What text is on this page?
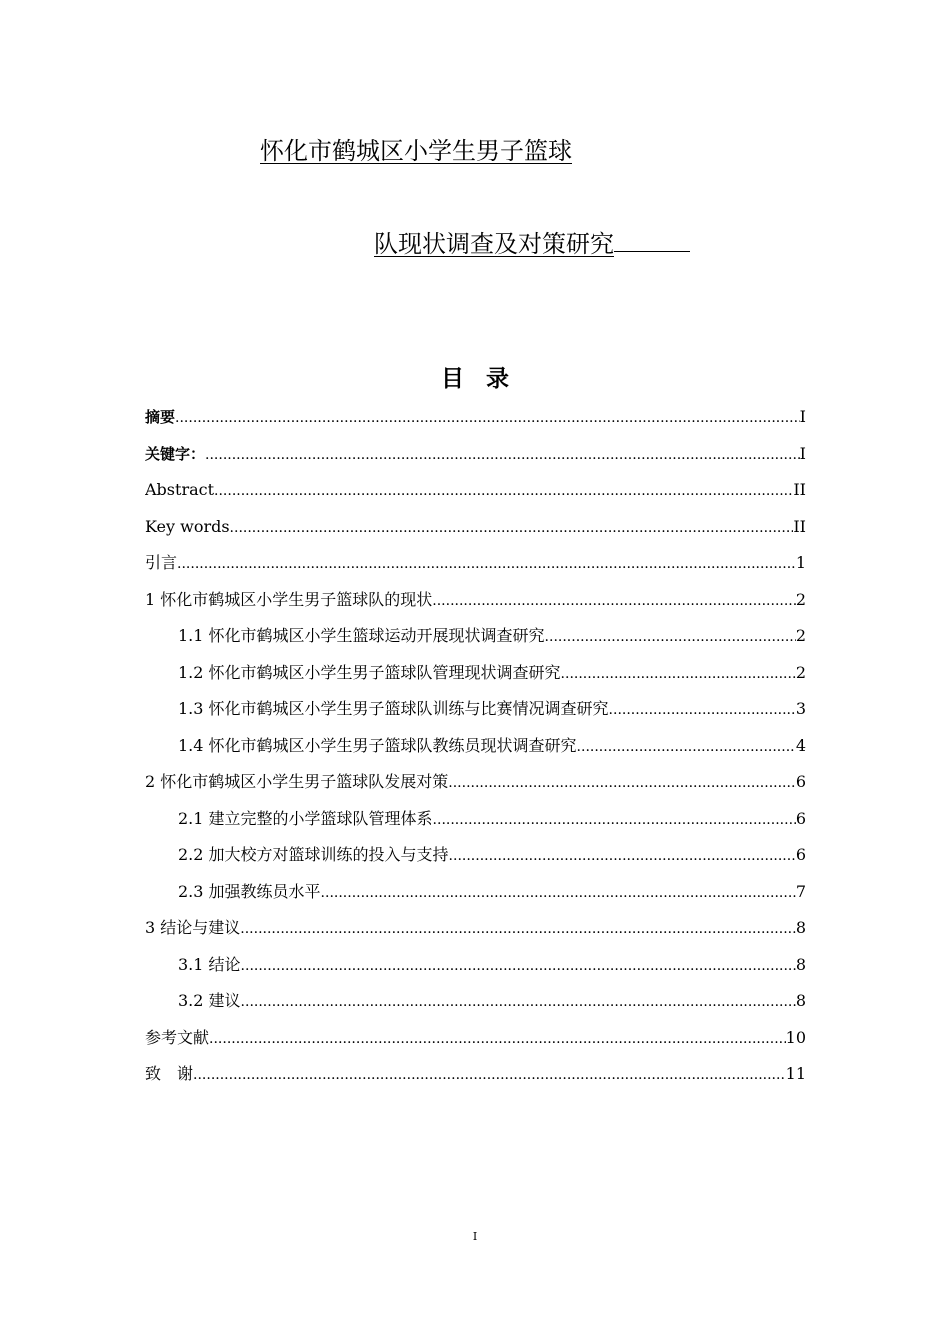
怀化市鹤城区小学生男子篮球
队现状调查及对策研究
目录
摘要 .....	I
关键字： .....	I
Abstract .....	II
Key words .....	II
引言 .....	1
1 怀化市鹤城区小学生男子篮球队的现状 .....	2
1.1 怀化市鹤城区小学生篮球运动开展现状调查研究 .....	2
1.2 怀化市鹤城区小学生男子篮球队管理现状调查研究 .....	2
1.3 怀化市鹤城区小学生男子篮球队训练与比赛情况调查研究 .....	3
1.4 怀化市鹤城区小学生男子篮球队教练员现状调查研究 .....	4
2 怀化市鹤城区小学生男子篮球队发展对策 .....	6
2.1 建立完整的小学篮球队管理体系 .....	6
2.2 加大校方对篮球训练的投入与支持 .....	6
2.3 加强教练员水平 .....	7
3 结论与建议 .....	8
3.1 结论 .....	8
3.2 建议 .....	8
参考文献 .....	10
致　谢 .....	11
I
